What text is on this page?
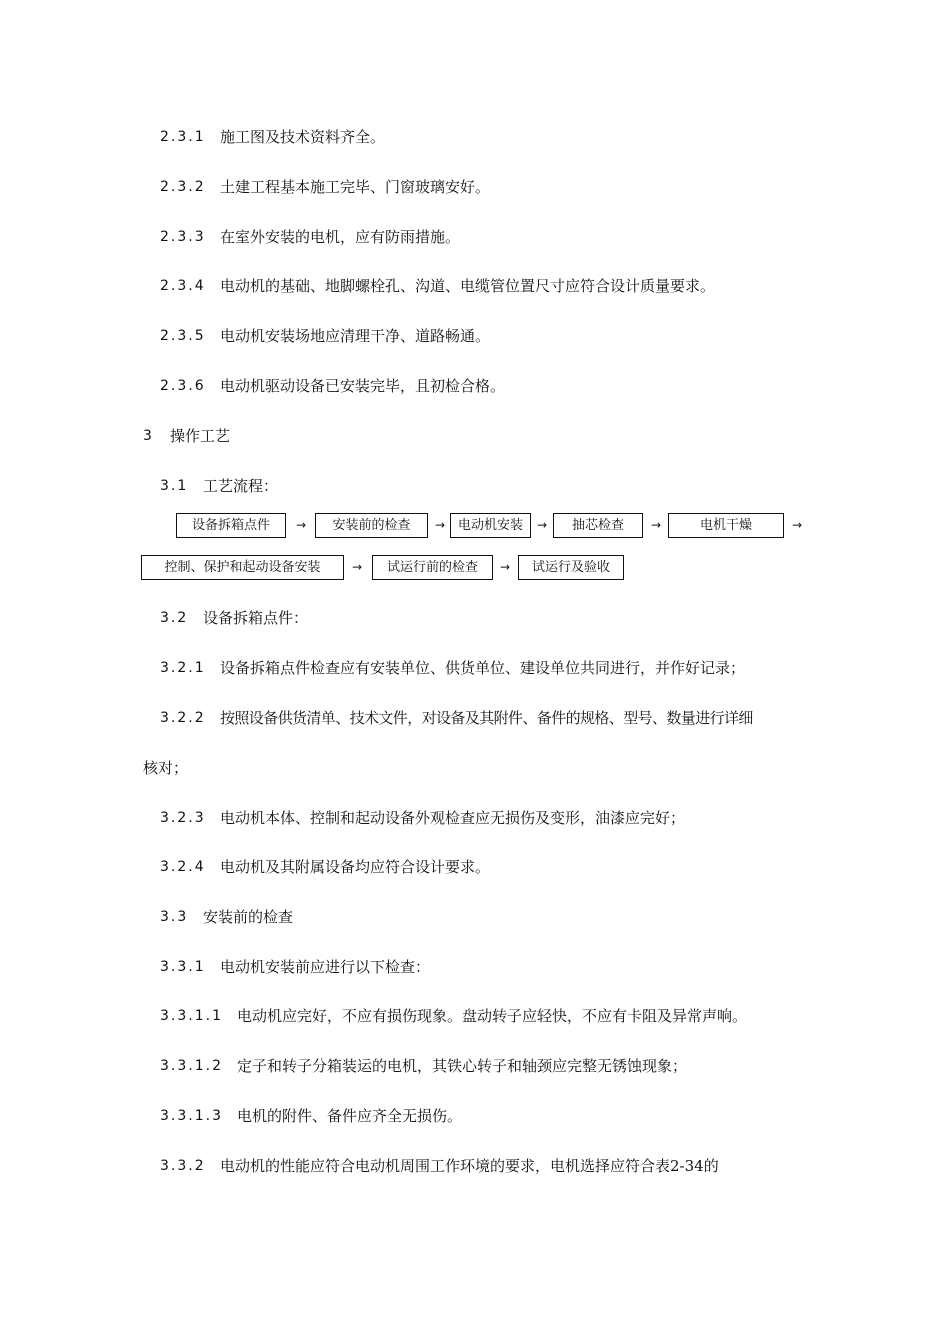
2.3.1 施工图及技术资料齐全。
2.3.2 土建工程基本施工完毕、门窗玻璃安好。
2.3.3 在室外安装的电机，应有防雨措施。
2.3.4 电动机的基础、地脚螺栓孔、沟道、电缆管位置尺寸应符合设计质量要求。
2.3.5 电动机安装场地应清理干净、道路畅通。
2.3.6 电动机驱动设备已安装完毕，且初检合格。
3 操作工艺
3.1 工艺流程：
设备拆箱点件	→	安装前的检查	→ 电动机安装	→	抽芯检查	→	电机干燥	→
控制、保护和起动设备安装	→	试运行前的检查	→	试运行及验收
3.2 设备拆箱点件：
3.2.1 设备拆箱点件检查应有安装单位、供货单位、建设单位共同进行，并作好记录；
3.2.2 按照设备供货清单、技术文件，对设备及其附件、备件的规格、型号、数量进行详细
核对；
3.2.3 电动机本体、控制和起动设备外观检查应无损伤及变形，油漆应完好；
3.2.4 电动机及其附属设备均应符合设计要求。
3.3 安装前的检查
3.3.1 电动机安装前应进行以下检查：
3.3.1.1 电动机应完好，不应有损伤现象。盘动转子应轻快，不应有卡阻及异常声响。
3.3.1.2 定子和转子分箱装运的电机，其铁心转子和轴颈应完整无锈蚀现象；
3.3.1.3 电机的附件、备件应齐全无损伤。
3.3.2 电动机的性能应符合电动机周围工作环境的要求，电机选择应符合表2-34的
